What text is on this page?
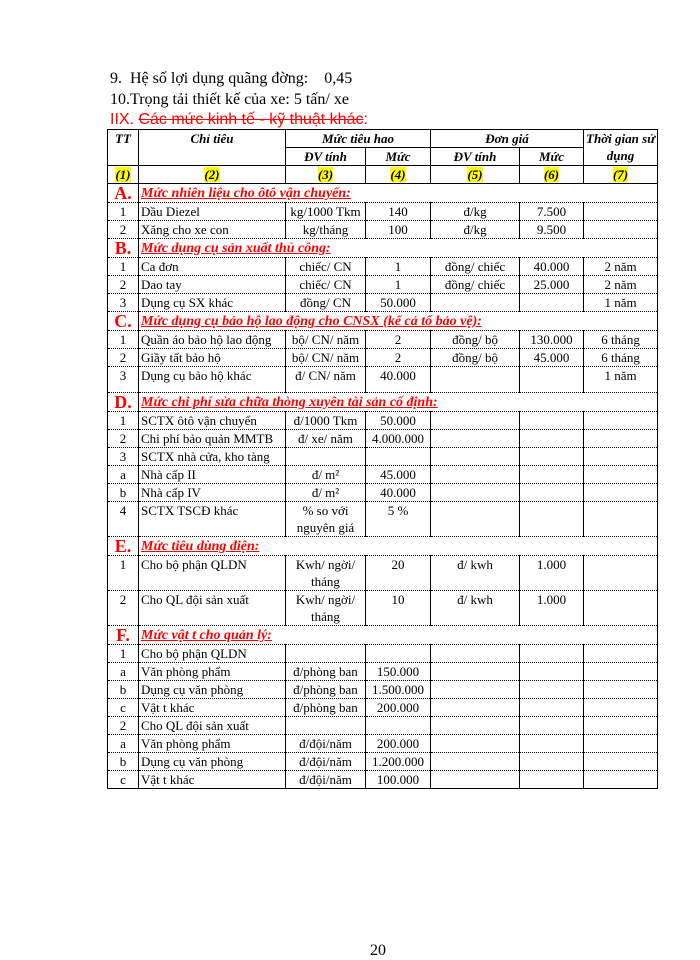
9.  Hệ số lợi dụng quãng đờng:    0,45
10.Trọng tải thiết kế của xe: 5 tấn/ xe
IIX. Các mức kinh tế - kỹ thuật khác:
TT	Chỉ tiêu	Mức tiêu hao		Đơn giá		Thời gian sử dụng
		ĐV tính	Mức	ĐV tính	Mức	
(1)	(2)	(3)	(4)	(5)	(6)	(7)
A.	Mức nhiên liệu cho ôtô vận chuyển:					
1	Dầu Diezel	kg/1000 Tkm	140	đ/kg	7.500	
2	Xăng cho xe con	kg/tháng	100	đ/kg	9.500	
B.	Mức dụng cụ sản xuất thủ công:					
1	Ca đơn	chiếc/ CN	1	đồng/ chiếc	40.000	2 năm
2	Dao tay	chiếc/ CN	1	đồng/ chiếc	25.000	2 năm
3	Dụng cụ SX khác	đồng/ CN	50.000			1 năm
C.	Mức dụng cụ bảo hộ lao động cho CNSX (kể cả tổ bảo vệ):					
1	Quần áo bảo hộ lao động	bộ/ CN/ năm	2	đồng/ bộ	130.000	6 tháng
2	Giầy tất bảo hộ	bộ/ CN/ năm	2	đồng/ bộ	45.000	6 tháng
3	Dụng cụ bảo hộ khác	đ/ CN/ năm	40.000			1 năm
D.	Mức chi phí sửa chữa thòng xuyên tài sản cố định:					
1	SCTX ôtô vận chuyển	đ/1000 Tkm	50.000			
2	Chi phí bảo quản MMTB	đ/ xe/ năm	4.000.000			
3	SCTX nhà cửa, kho tàng					
a	Nhà cấp II	đ/ m²	45.000			
b	Nhà cấp IV	đ/ m²	40.000			
4	SCTX TSCĐ khác	% so với nguyên giá	5 %			
E.	Mức tiêu dùng điện:					
1	Cho bộ phận QLDN	Kwh/ ngời/ tháng	20	đ/ kwh	1.000	
2	Cho QL đội sản xuất	Kwh/ ngời/ tháng	10	đ/ kwh	1.000	
F.	Mức vật t cho quản lý:					
1	Cho bộ phận QLDN					
a	Văn phòng phẩm	đ/phòng ban	150.000			
b	Dụng cụ văn phòng	đ/phòng ban	1.500.000			
c	Vật t khác	đ/phòng ban	200.000			
2	Cho QL đội sản xuất					
a	Văn phòng phẩm	đ/đội/năm	200.000			
b	Dụng cụ văn phòng	đ/đội/năm	1.200.000			
c	Vật t khác	đ/đội/năm	100.000			
20
